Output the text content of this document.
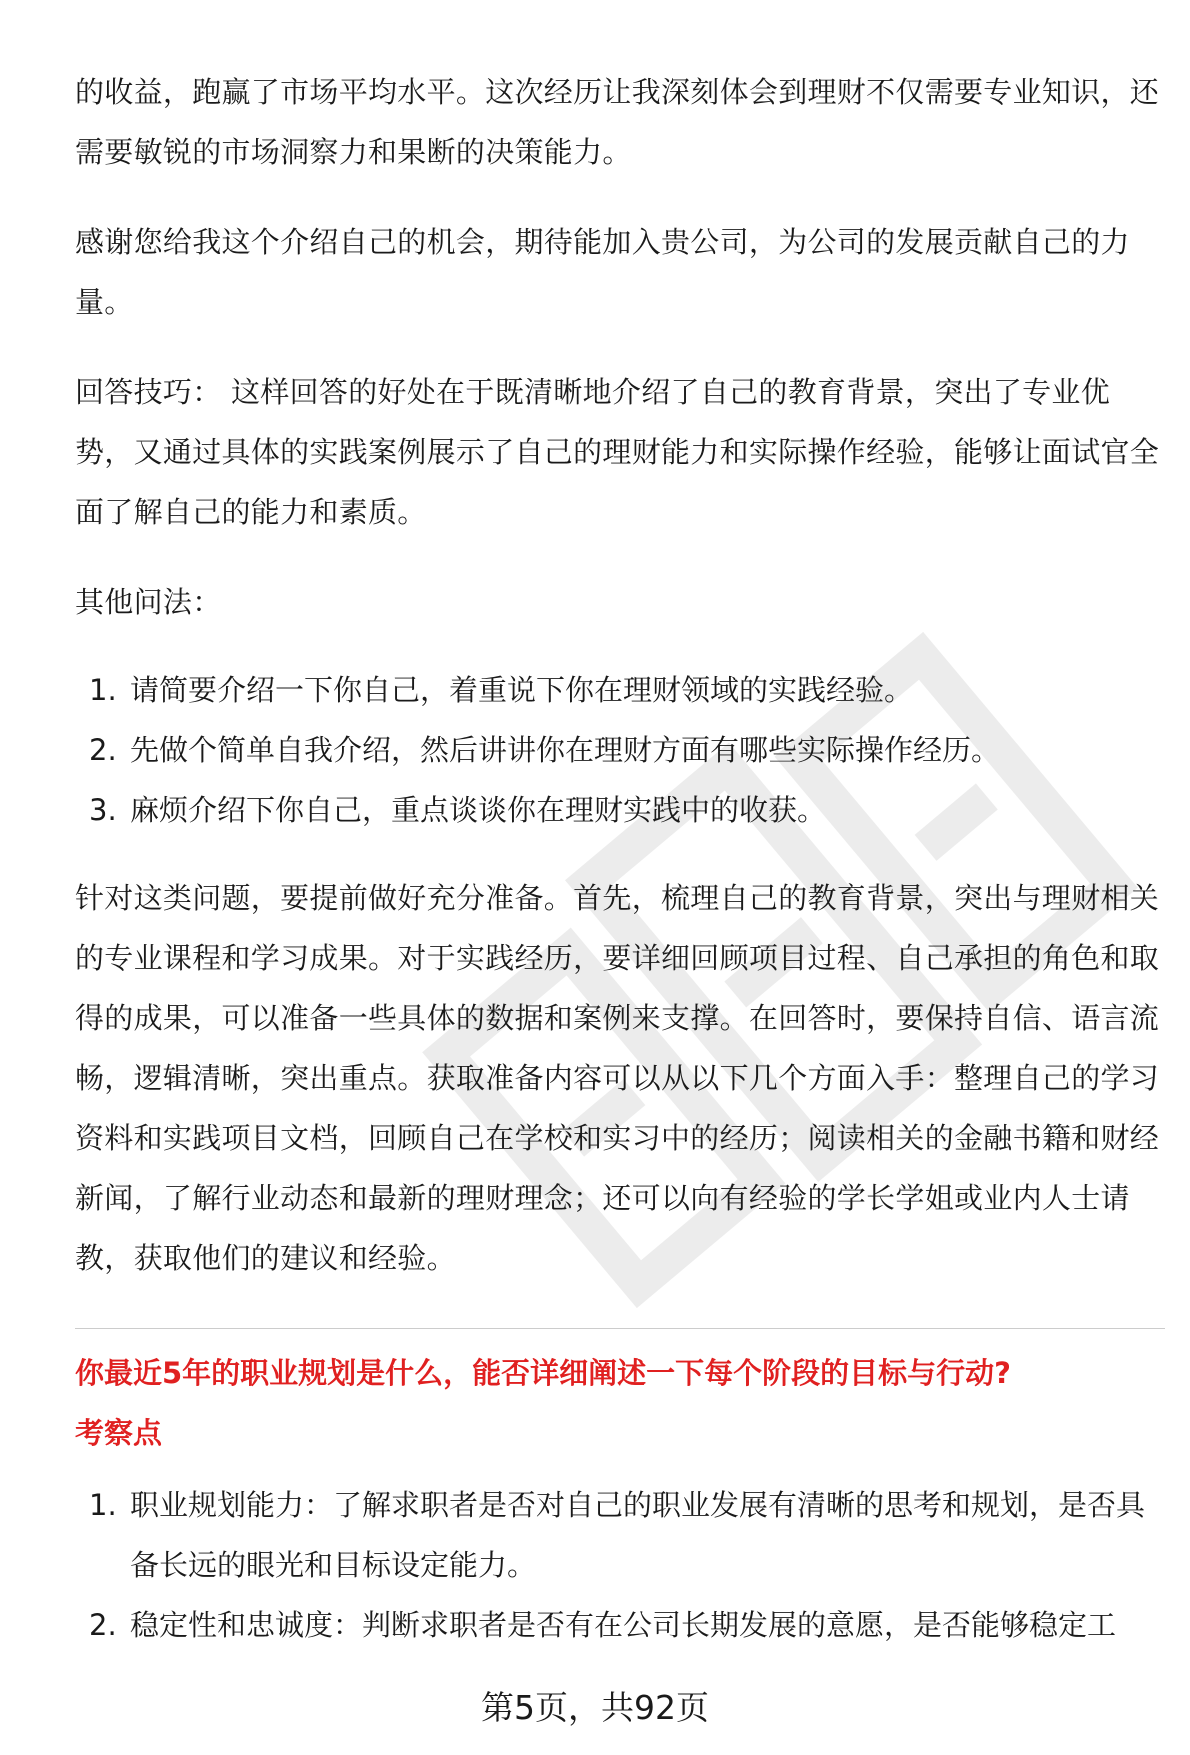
的收益，跑赢了市场平均水平。这次经历让我深刻体会到理财不仅需要专业知识，还需要敏锐的市场洞察力和果断的决策能力。

感谢您给我这个介绍自己的机会，期待能加入贵公司，为公司的发展贡献自己的力量。

回答技巧： 这样回答的好处在于既清晰地介绍了自己的教育背景，突出了专业优势，又通过具体的实践案例展示了自己的理财能力和实际操作经验，能够让面试官全面了解自己的能力和素质。

其他问法：

1. 请简要介绍一下你自己，着重说下你在理财领域的实践经验。
2. 先做个简单自我介绍，然后讲讲你在理财方面有哪些实际操作经历。
3. 麻烦介绍下你自己，重点谈谈你在理财实践中的收获。

针对这类问题，要提前做好充分准备。首先，梳理自己的教育背景，突出与理财相关的专业课程和学习成果。对于实践经历，要详细回顾项目过程、自己承担的角色和取得的成果，可以准备一些具体的数据和案例来支撑。在回答时，要保持自信、语言流畅，逻辑清晰，突出重点。获取准备内容可以从以下几个方面入手：整理自己的学习资料和实践项目文档，回顾自己在学校和实习中的经历；阅读相关的金融书籍和财经新闻，了解行业动态和最新的理财理念；还可以向有经验的学长学姐或业内人士请教，获取他们的建议和经验。

你最近5年的职业规划是什么，能否详细阐述一下每个阶段的目标与行动?

考察点

1. 职业规划能力：了解求职者是否对自己的职业发展有清晰的思考和规划，是否具备长远的眼光和目标设定能力。
2. 稳定性和忠诚度：判断求职者是否有在公司长期发展的意愿，是否能够稳定工
第5页，共92页
